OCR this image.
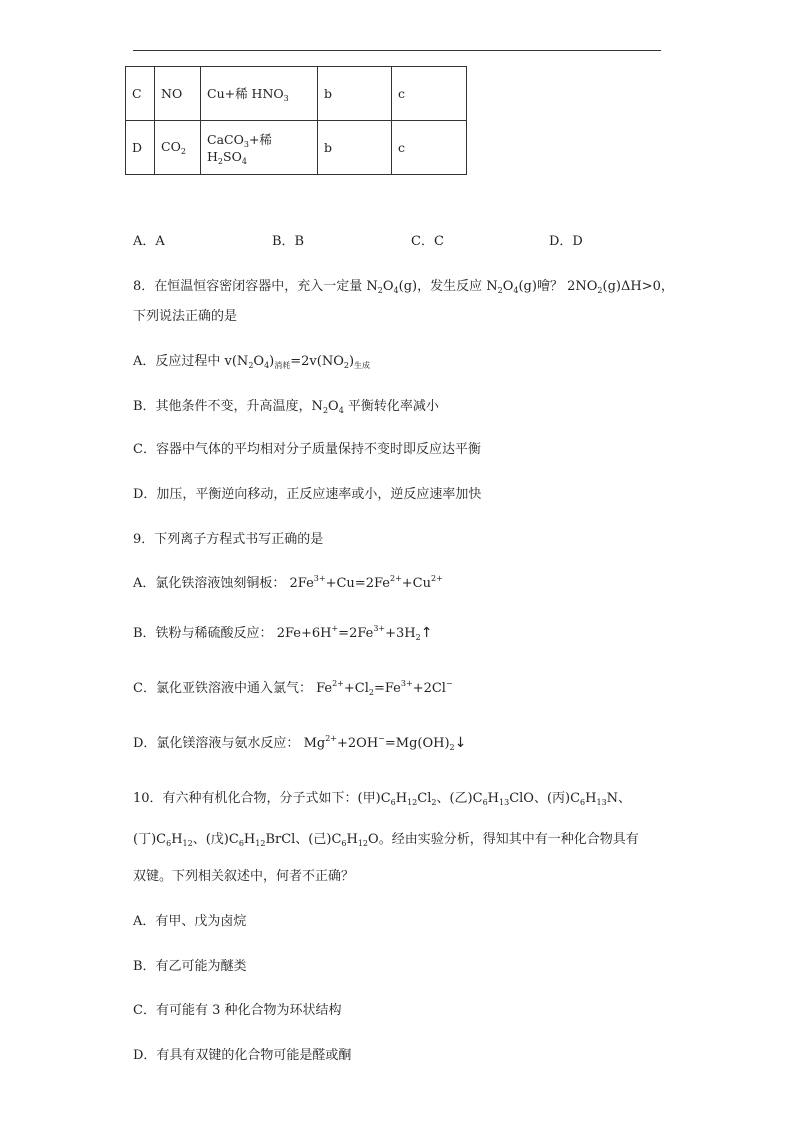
C	NO	Cu+稀 $HNO_3$	b	c
D	$CO_2$	CaCO$_3$+稀 $H_2SO_4$	b	c
A．A	B．B	C．C	D．D
8．在恒温恒容密闭容器中，充入一定量 $N_2O_4(g)$，发生反应 $N_2O_4(g)$噲？ $2NO_2(g)\Delta H>0$，
下列说法正确的是
A．反应过程中 $v(N_2O_4)_{消耗}=2v(NO_2)_{生成}$
B．其他条件不变，升高温度，$N_2O_4$ 平衡转化率减小
C．容器中气体的平均相对分子质量保持不变时即反应达平衡
D．加压，平衡逆向移动，正反应速率或小，逆反应速率加快
9．下列离子方程式书写正确的是
A．氯化铁溶液蚀刻铜板： $2Fe^{3+}+Cu=2Fe^{2+}+Cu^{2+}$
B．铁粉与稀硫酸反应： $2Fe+6H^+=2Fe^{3+}+3H_2↑$
C．氯化亚铁溶液中通入氯气： $Fe^{2+}+Cl_2=Fe^{3+}+2Cl^-$
D．氯化镁溶液与氨水反应： $Mg^{2+}+2OH^-=Mg(OH)_2↓$
10．有六种有机化合物，分子式如下：(甲)$C_6H_{12}Cl_2$、(乙)$C_6H_{13}ClO$、(丙)$C_6H_{13}N$、
(丁)$C_6H_{12}$、(戊)$C_6H_{12}BrCl$、(己)$C_6H_{12}O$。经由实验分析，得知其中有一种化合物具有
双键。下列相关叙述中，何者不正确？
A．有甲、戊为卤烷
B．有乙可能为醚类
C．有可能有 3 种化合物为环状结构
D．有具有双键的化合物可能是醛或酮
